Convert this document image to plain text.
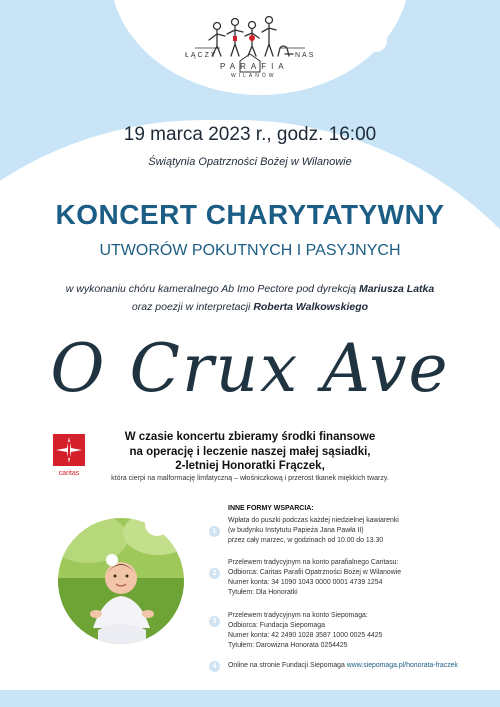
ŁĄCZY	NAS
PARAFIA
WILANÓW
19 marca 2023 r., godz. 16:00
Świątynia Opatrzności Bożej w Wilanowie
KONCERT CHARYTATYWNY
UTWORÓW POKUTNYCH I PASYJNYCH
w wykonaniu chóru kameralnego Ab Imo Pectore pod dyrekcją Mariusza Latka
oraz poezji w interpretacji Roberta Walkowskiego
O Crux Ave
caritas
W czasie koncertu zbieramy środki finansowe
na operację i leczenie naszej małej sąsiadki,
2-letniej Honoratki Frączek,
która cierpi na malformację limfatyczną – włośniczkową i przerost tkanek miękkich twarzy.
INNE FORMY WSPARCIA:
1
Wpłata do puszki podczas każdej niedzielnej kawiarenki
(w budynku Instytutu Papieża Jana Pawła II)
przez cały marzec, w godzinach od 10.00 do 13.30
2
Przelewem tradycyjnym na konto parafialnego Caritasu:
Odbiorca: Caritas Parafii Opatrzności Bożej w Wilanowie
Numer konta: 34 1090 1043 0000 0001 4739 1254
Tytułem: Dla Honoratki
3
Przelewem tradycyjnym na konto Siepomaga:
Odbiorca: Fundacja Siepomaga
Numer konta: 42 2490 1028 3587 1000 0025 4425
Tytułem: Darowizna Honorata 0254425
4	Online na stronie Fundacji Siepomaga www.siepomaga.pl/honorata-fraczek
